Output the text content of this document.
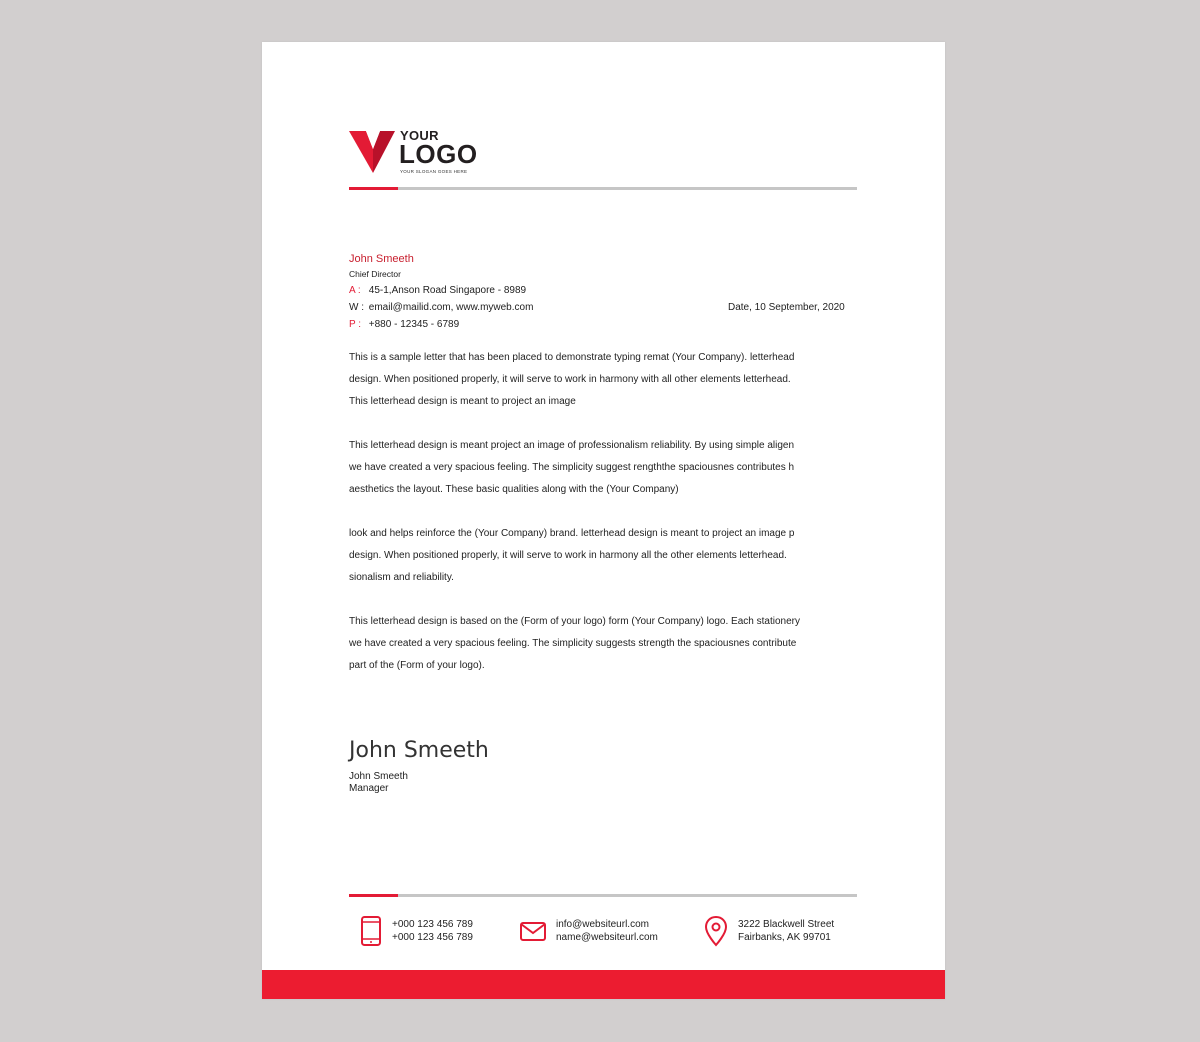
YOUR
LOGO
YOUR SLOGAN GOES HERE
John Smeeth
Chief Director
A : 45-1,Anson Road Singapore - 8989
W : email@mailid.com, www.myweb.com
P : +880 - 12345 - 6789
Date, 10 September, 2020
This is a sample letter that has been placed to demonstrate typing remat (Your Company). letterhead
design. When positioned properly, it will serve to work in harmony with all other elements letterhead.
This letterhead design is meant to project an image
This letterhead design is meant project an image of professionalism reliability. By using simple aligen
we have created a very spacious feeling. The simplicity suggest rengththe spaciousnes contributes h
aesthetics the layout. These basic qualities along with the (Your Company)
look and helps reinforce the (Your Company) brand. letterhead design is meant to project an image p
design. When positioned properly, it will serve to work in harmony all the other elements letterhead.
sionalism and reliability.
This letterhead design is based on the (Form of your logo) form (Your Company) logo. Each stationery
we have created a very spacious feeling. The simplicity suggests strength the spaciousnes contribute
part of the (Form of your logo).
John Smeeth
John Smeeth
Manager
+000 123 456 789
+000 123 456 789
info@websiteurl.com
name@websiteurl.com
3222 Blackwell Street
Fairbanks, AK 99701
